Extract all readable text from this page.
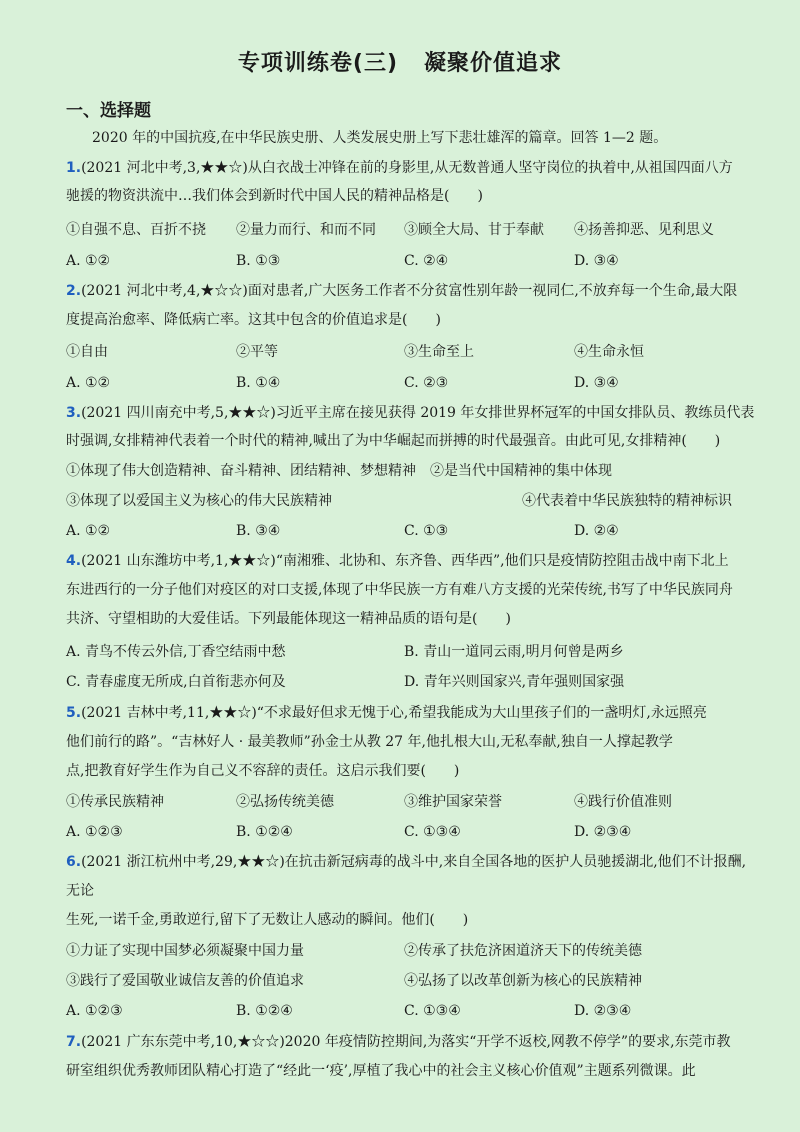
专项训练卷(三) 凝聚价值追求
一、选择题
2020 年的中国抗疫,在中华民族史册、人类发展史册上写下悲壮雄浑的篇章。回答 1—2 题。
1.(2021 河北中考,3,★★☆)从白衣战士冲锋在前的身影里,从无数普通人坚守岗位的执着中,从祖国四面八方
驰援的物资洪流中…我们体会到新时代中国人民的精神品格是(　　)
①自强不息、百折不挠 ②量力而行、和而不同 ③顾全大局、甘于奉献 ④扬善抑恶、见利思义
A. ①②	B. ①③	C. ②④	D. ③④
2.(2021 河北中考,4,★☆☆)面对患者,广大医务工作者不分贫富性别年龄一视同仁,不放弃每一个生命,最大限
度提高治愈率、降低病亡率。这其中包含的价值追求是(　　)
①自由	②平等	③生命至上	④生命永恒
A. ①②	B. ①④	C. ②③	D. ③④
3.(2021 四川南充中考,5,★★☆)习近平主席在接见获得 2019 年女排世界杯冠军的中国女排队员、教练员代表
时强调,女排精神代表着一个时代的精神,喊出了为中华崛起而拼搏的时代最强音。由此可见,女排精神(　　)
①体现了伟大创造精神、奋斗精神、团结精神、梦想精神 ②是当代中国精神的集中体现
③体现了以爱国主义为核心的伟大民族精神	④代表着中华民族独特的精神标识
A. ①②	B. ③④	C. ①③	D. ②④
4.(2021 山东潍坊中考,1,★★☆)“南湘雅、北协和、东齐鲁、西华西”,他们只是疫情防控阻击战中南下北上
东进西行的一分子他们对疫区的对口支援,体现了中华民族一方有难八方支援的光荣传统,书写了中华民族同舟
共济、守望相助的大爱佳话。下列最能体现这一精神品质的语句是(　　)
A. 青鸟不传云外信,丁香空结雨中愁	B. 青山一道同云雨,明月何曾是两乡
C. 青春虚度无所成,白首衔悲亦何及	D. 青年兴则国家兴,青年强则国家强
5.(2021 吉林中考,11,★★☆)“不求最好但求无愧于心,希望我能成为大山里孩子们的一盏明灯,永远照亮
他们前行的路”。“吉林好人 · 最美教师”孙金士从教 27 年,他扎根大山,无私奉献,独自一人撑起教学
点,把教育好学生作为自己义不容辞的责任。这启示我们要(　　)
①传承民族精神	②弘扬传统美德	③维护国家荣誉	④践行价值准则
A. ①②③	B. ①②④	C. ①③④	D. ②③④
6.(2021 浙江杭州中考,29,★★☆)在抗击新冠病毒的战斗中,来自全国各地的医护人员驰援湖北,他们不计报酬,
无论
生死,一诺千金,勇敢逆行,留下了无数让人感动的瞬间。他们(　　)
①力证了实现中国梦必须凝聚中国力量	②传承了扶危济困道济天下的传统美德
③践行了爱国敬业诚信友善的价值追求	④弘扬了以改革创新为核心的民族精神
A. ①②③	B. ①②④	C. ①③④	D. ②③④
7.(2021 广东东莞中考,10,★☆☆)2020 年疫情防控期间,为落实“开学不返校,网教不停学”的要求,东莞市教
研室组织优秀教师团队精心打造了“经此一‘疫’,厚植了我心中的社会主义核心价值观”主题系列微课。此
